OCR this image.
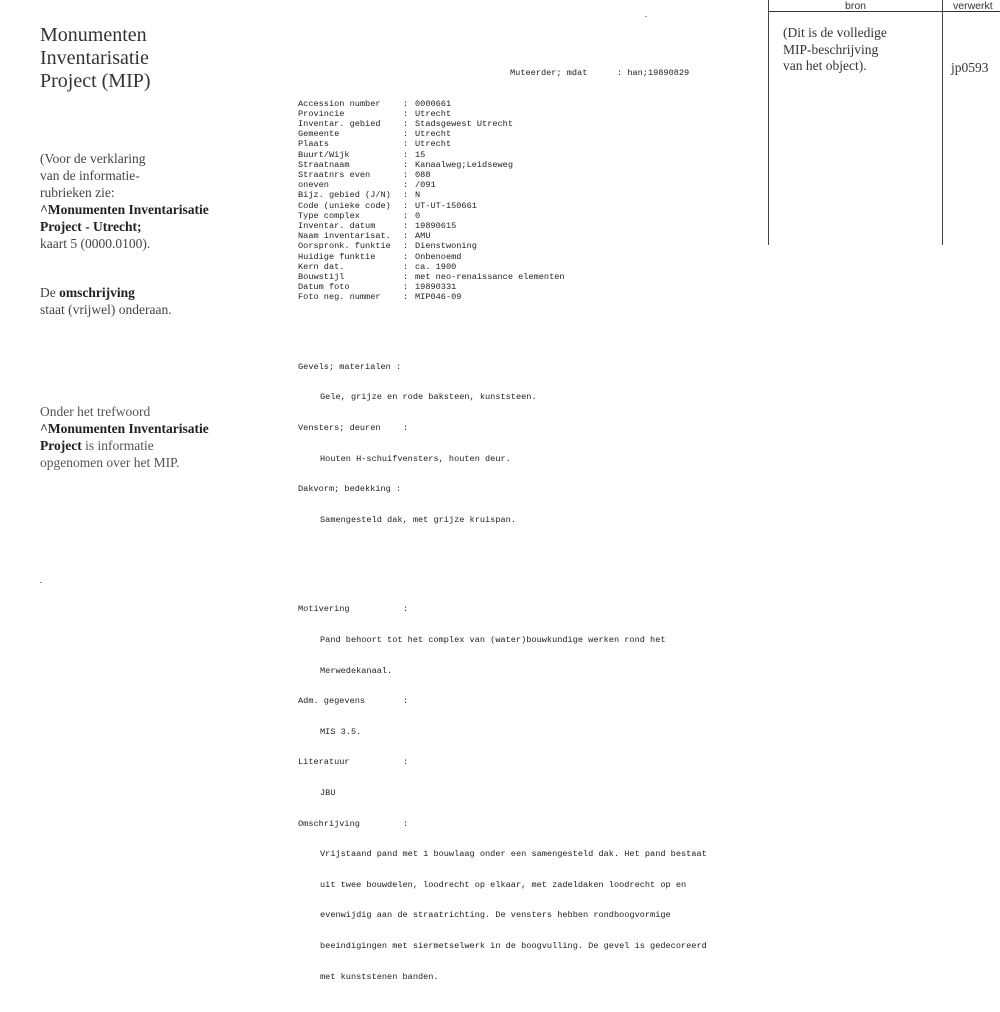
Monumenten
Inventarisatie
Project (MIP)
(Voor de verklaring
van de informatie-
rubrieken zie:
^Monumenten Inventarisatie
Project - Utrecht;
kaart 5 (0000.0100).
De omschrijving
staat (vrijwel) onderaan.
Onder het trefwoord
^Monumenten Inventarisatie
Project is informatie
opgenomen over het MIP.

Muteerder; mdat	: han;19890829

Accession number	: 0000661
Provincie	: Utrecht
Inventar. gebied	: Stadsgewest Utrecht
Gemeente	: Utrecht
Plaats	: Utrecht
Buurt/Wijk	: 15
Straatnaam	: Kanaalweg;Leidseweg
Straatnrs even	: 088
oneven	: /091
Bijz. gebied (J/N)	: N
Code (unieke code)	: UT-UT-150661
Type complex	: 0
Inventar. datum	: 19890615
Naam inventarisat.	: AMU
Oorspronk. funktie	: Dienstwoning
Huidige funktie	: Onbenoemd
Kern dat.	: ca. 1900
Bouwstijl	: met neo-renaissance elementen
Datum foto	: 19890331
Foto neg. nummer	: MIP046-09

Gevels; materialen :

Gele, grijze en rode baksteen, kunststeen.

Vensters; deuren	:

Houten H-schuifvensters, houten deur.

Dakvorm; bedekking :

Samengesteld dak, met grijze kruispan.

Motivering	:

Pand behoort tot het complex van (water)bouwkundige werken rond het

Merwedekanaal.

Adm. gegevens	:

MIS 3.5.

Literatuur	:

JBU

Omschrijving	:

Vrijstaand pand met 1 bouwlaag onder een samengesteld dak. Het pand bestaat

uit twee bouwdelen, loodrecht op elkaar, met zadeldaken loodrecht op en

evenwijdig aan de straatrichting. De vensters hebben rondboogvormige

beeindigingen met siermetselwerk in de boogvulling. De gevel is gedecoreerd

met kunststenen banden.

bron	verwerkt
(Dit is de volledige
MIP-beschrijving
van het object).	jp0593
